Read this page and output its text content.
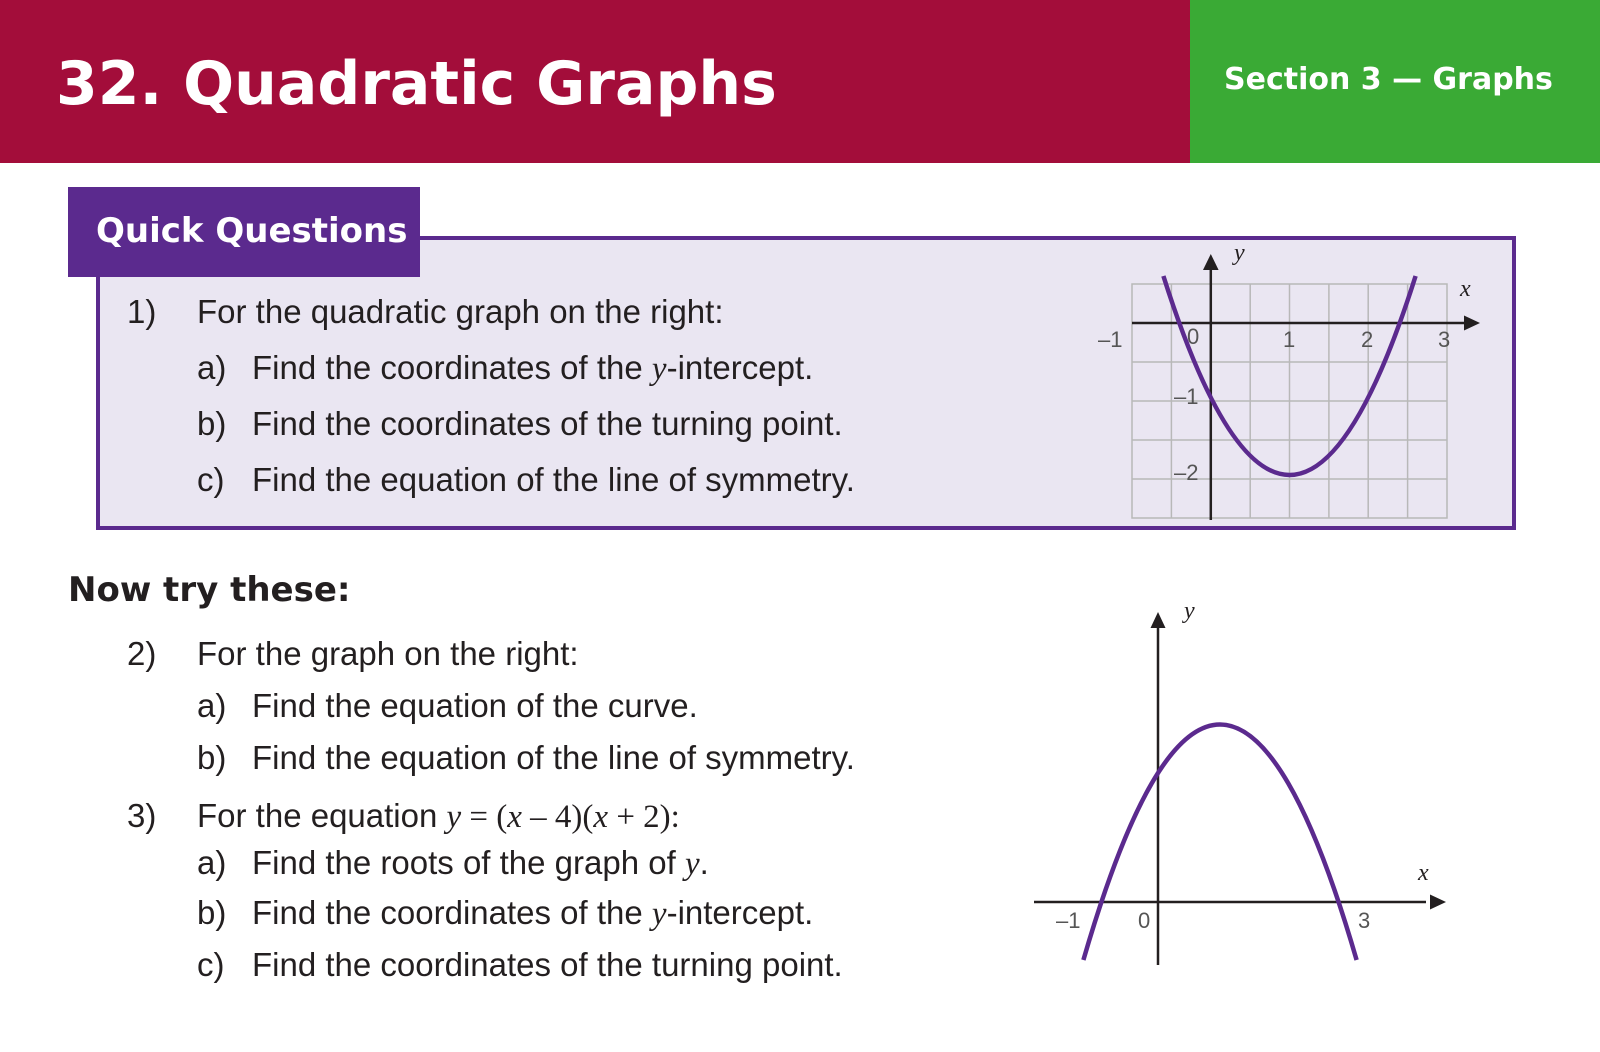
32. Quadratic Graphs	Section 3 — Graphs

Quick Questions

1) For the quadratic graph on the right:
a) Find the coordinates of the y-intercept.
b) Find the coordinates of the turning point.
c) Find the equation of the line of symmetry.
y
x
–1	0	1	2	3
–1
–2

Now try these:

2) For the graph on the right:
a) Find the equation of the curve.
b) Find the equation of the line of symmetry.
3) For the equation y = (x – 4)(x + 2):
a) Find the roots of the graph of y.
b) Find the coordinates of the y-intercept.
c) Find the coordinates of the turning point.
y
x
–1	0	3
